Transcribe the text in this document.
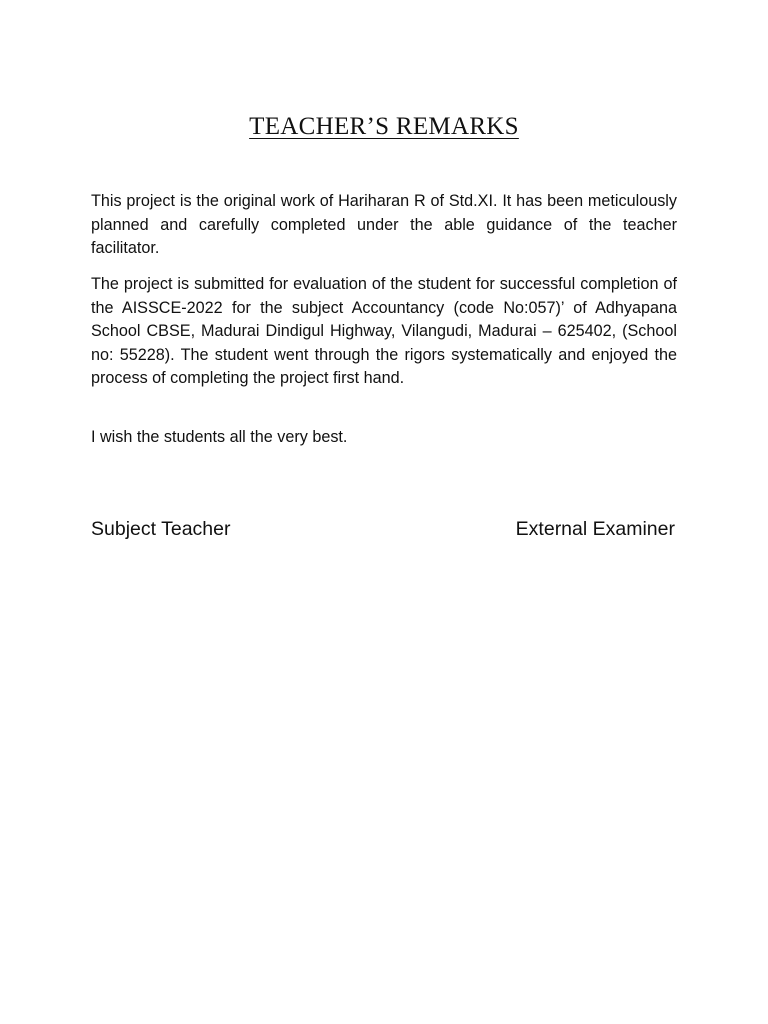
TEACHER’S REMARKS
This project is the original work of Hariharan R of Std.XI. It has been meticulously planned and carefully completed under the able guidance of the teacher facilitator.
The project is submitted for evaluation of the student for successful completion of the AISSCE-2022 for the subject Accountancy (code No:057)’ of Adhyapana School CBSE, Madurai Dindigul Highway, Vilangudi, Madurai – 625402, (School no: 55228). The student went through the rigors systematically and enjoyed the process of completing the project first hand.
I wish the students all the very best.
Subject Teacher	External Examiner
